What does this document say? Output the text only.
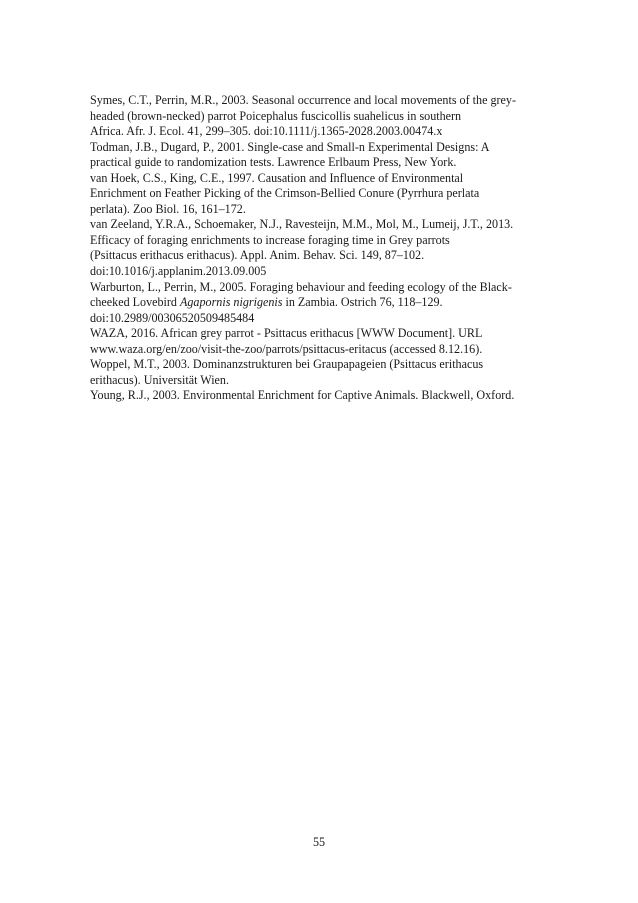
Symes, C.T., Perrin, M.R., 2003. Seasonal occurrence and local movements of the grey-
headed (brown-necked) parrot Poicephalus fuscicollis suahelicus in southern
Africa. Afr. J. Ecol. 41, 299–305. doi:10.1111/j.1365-2028.2003.00474.x

Todman, J.B., Dugard, P., 2001. Single-case and Small-n Experimental Designs: A
practical guide to randomization tests. Lawrence Erlbaum Press, New York.

van Hoek, C.S., King, C.E., 1997. Causation and Influence of Environmental
Enrichment on Feather Picking of the Crimson-Bellied Conure (Pyrrhura perlata
perlata). Zoo Biol. 16, 161–172.

van Zeeland, Y.R.A., Schoemaker, N.J., Ravesteijn, M.M., Mol, M., Lumeij, J.T., 2013.
Efficacy of foraging enrichments to increase foraging time in Grey parrots
(Psittacus erithacus erithacus). Appl. Anim. Behav. Sci. 149, 87–102.
doi:10.1016/j.applanim.2013.09.005

Warburton, L., Perrin, M., 2005. Foraging behaviour and feeding ecology of the Black-
cheeked Lovebird Agapornis nigrigenis in Zambia. Ostrich 76, 118–129.
doi:10.2989/00306520509485484

WAZA, 2016. African grey parrot - Psittacus erithacus [WWW Document]. URL
www.waza.org/en/zoo/visit-the-zoo/parrots/psittacus-eritacus (accessed 8.12.16).

Woppel, M.T., 2003. Dominanzstrukturen bei Graupapageien (Psittacus erithacus
erithacus). Universität Wien.

Young, R.J., 2003. Environmental Enrichment for Captive Animals. Blackwell, Oxford.

55
